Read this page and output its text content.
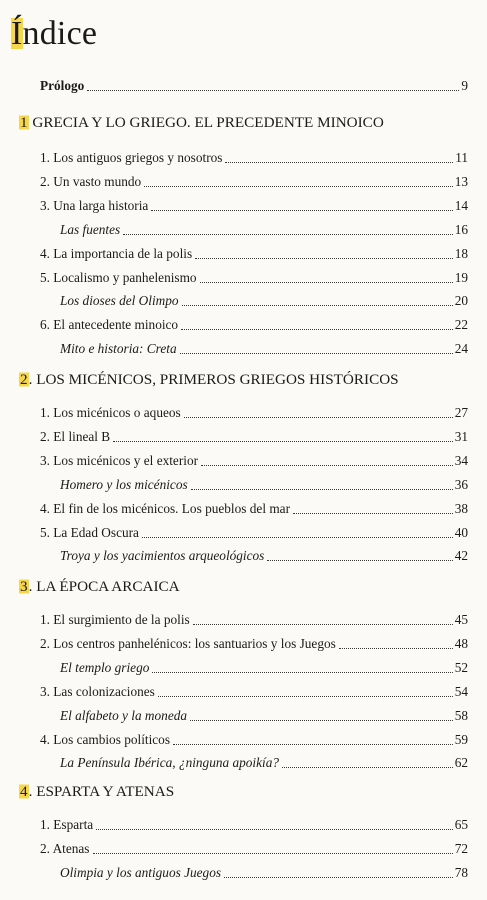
Índice
Prólogo	9
1 GRECIA Y LO GRIEGO. EL PRECEDENTE MINOICO
1. Los antiguos griegos y nosotros	11
2. Un vasto mundo	13
3. Una larga historia	14
Las fuentes	16
4. La importancia de la polis	18
5. Localismo y panhelenismo	19
Los dioses del Olimpo	20
6. El antecedente minoico	22
Mito e historia: Creta	24
2. LOS MICÉNICOS, PRIMEROS GRIEGOS HISTÓRICOS
1. Los micénicos o aqueos	27
2. El lineal B	31
3. Los micénicos y el exterior	34
Homero y los micénicos	36
4. El fin de los micénicos. Los pueblos del mar	38
5. La Edad Oscura	40
Troya y los yacimientos arqueológicos	42
3. LA ÉPOCA ARCAICA
1. El surgimiento de la polis	45
2. Los centros panhelénicos: los santuarios y los Juegos	48
El templo griego	52
3. Las colonizaciones	54
El alfabeto y la moneda	58
4. Los cambios políticos	59
La Península Ibérica, ¿ninguna apoikía?	62
4. ESPARTA Y ATENAS
1. Esparta	65
2. Atenas	72
Olimpia y los antiguos Juegos	78
